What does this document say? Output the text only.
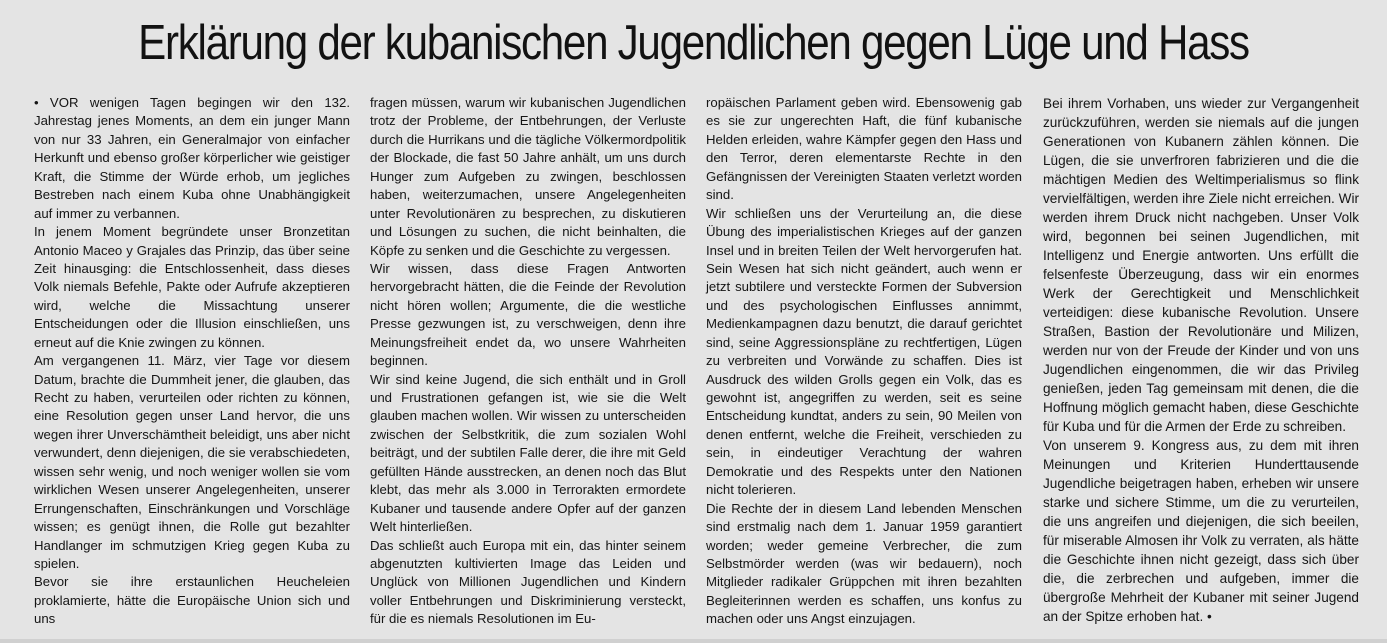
Erklärung der kubanischen Jugendlichen gegen Lüge und Hass

• VOR wenigen Tagen begingen wir den 132. Jahrestag jenes Moments, an dem ein junger Mann von nur 33 Jahren, ein Generalmajor von einfacher Herkunft und ebenso großer körperlicher wie geistiger Kraft, die Stimme der Würde erhob, um jegliches Bestreben nach einem Kuba ohne Unabhängigkeit auf immer zu verbannen.

In jenem Moment begründete unser Bronzetitan Antonio Maceo y Grajales das Prinzip, das über seine Zeit hinausging: die Entschlossenheit, dass dieses Volk niemals Befehle, Pakte oder Aufrufe akzeptieren wird, welche die Missachtung unserer Entscheidungen oder die Illusion einschließen, uns erneut auf die Knie zwingen zu können.

Am vergangenen 11. März, vier Tage vor diesem Datum, brachte die Dummheit jener, die glauben, das Recht zu haben, verurteilen oder richten zu können, eine Resolution gegen unser Land hervor, die uns wegen ihrer Unverschämtheit beleidigt, uns aber nicht verwundert, denn diejenigen, die sie verabschiedeten, wissen sehr wenig, und noch weniger wollen sie vom wirklichen Wesen unserer Angelegenheiten, unserer Errungenschaften, Einschränkungen und Vorschläge wissen; es genügt ihnen, die Rolle gut bezahlter Handlanger im schmutzigen Krieg gegen Kuba zu spielen.

Bevor sie ihre erstaunlichen Heucheleien proklamierte, hätte die Europäische Union sich und uns

fragen müssen, warum wir kubanischen Jugendlichen trotz der Probleme, der Entbehrungen, der Verluste durch die Hurrikans und die tägliche Völkermordpolitik der Blockade, die fast 50 Jahre anhält, um uns durch Hunger zum Aufgeben zu zwingen, beschlossen haben, weiterzumachen, unsere Angelegenheiten unter Revolutionären zu besprechen, zu diskutieren und Lösungen zu suchen, die nicht beinhalten, die Köpfe zu senken und die Geschichte zu vergessen.

Wir wissen, dass diese Fragen Antworten hervorgebracht hätten, die die Feinde der Revolution nicht hören wollen; Argumente, die die westliche Presse gezwungen ist, zu verschweigen, denn ihre Meinungsfreiheit endet da, wo unsere Wahrheiten beginnen.

Wir sind keine Jugend, die sich enthält und in Groll und Frustrationen gefangen ist, wie sie die Welt glauben machen wollen. Wir wissen zu unterscheiden zwischen der Selbstkritik, die zum sozialen Wohl beiträgt, und der subtilen Falle derer, die ihre mit Geld gefüllten Hände ausstrecken, an denen noch das Blut klebt, das mehr als 3.000 in Terrorakten ermordete Kubaner und tausende andere Opfer auf der ganzen Welt hinterließen.

Das schließt auch Europa mit ein, das hinter seinem abgenutzten kultivierten Image das Leiden und Unglück von Millionen Jugendlichen und Kindern voller Entbehrungen und Diskriminierung versteckt, für die es niemals Resolutionen im Eu-

ropäischen Parlament geben wird. Ebensowenig gab es sie zur ungerechten Haft, die fünf kubanische Helden erleiden, wahre Kämpfer gegen den Hass und den Terror, deren elementarste Rechte in den Gefängnissen der Vereinigten Staaten verletzt worden sind.

Wir schließen uns der Verurteilung an, die diese Übung des imperialistischen Krieges auf der ganzen Insel und in breiten Teilen der Welt hervorgerufen hat. Sein Wesen hat sich nicht geändert, auch wenn er jetzt subtilere und versteckte Formen der Subversion und des psychologischen Einflusses annimmt, Medienkampagnen dazu benutzt, die darauf gerichtet sind, seine Aggressionspläne zu rechtfertigen, Lügen zu verbreiten und Vorwände zu schaffen. Dies ist Ausdruck des wilden Grolls gegen ein Volk, das es gewohnt ist, angegriffen zu werden, seit es seine Entscheidung kundtat, anders zu sein, 90 Meilen von denen entfernt, welche die Freiheit, verschieden zu sein, in eindeutiger Verachtung der wahren Demokratie und des Respekts unter den Nationen nicht tolerieren.

Die Rechte der in diesem Land lebenden Menschen sind erstmalig nach dem 1. Januar 1959 garantiert worden; weder gemeine Verbrecher, die zum Selbstmörder werden (was wir bedauern), noch Mitglieder radikaler Grüppchen mit ihren bezahlten Begleiterinnen werden es schaffen, uns konfus zu machen oder uns Angst einzujagen.

Bei ihrem Vorhaben, uns wieder zur Vergangenheit zurückzuführen, werden sie niemals auf die jungen Generationen von Kubanern zählen können. Die Lügen, die sie unverfroren fabrizieren und die die mächtigen Medien des Weltimperialismus so flink vervielfältigen, werden ihre Ziele nicht erreichen. Wir werden ihrem Druck nicht nachgeben. Unser Volk wird, begonnen bei seinen Jugendlichen, mit Intelligenz und Energie antworten. Uns erfüllt die felsenfeste Überzeugung, dass wir ein enormes Werk der Gerechtigkeit und Menschlichkeit verteidigen: diese kubanische Revolution. Unsere Straßen, Bastion der Revolutionäre und Milizen, werden nur von der Freude der Kinder und von uns Jugendlichen eingenommen, die wir das Privileg genießen, jeden Tag gemeinsam mit denen, die die Hoffnung möglich gemacht haben, diese Geschichte für Kuba und für die Armen der Erde zu schreiben.

Von unserem 9. Kongress aus, zu dem mit ihren Meinungen und Kriterien Hunderttausende Jugendliche beigetragen haben, erheben wir unsere starke und sichere Stimme, um die zu verurteilen, die uns angreifen und diejenigen, die sich beeilen, für miserable Almosen ihr Volk zu verraten, als hätte die Geschichte ihnen nicht gezeigt, dass sich über die, die zerbrechen und aufgeben, immer die übergroße Mehrheit der Kubaner mit seiner Jugend an der Spitze erhoben hat. •
